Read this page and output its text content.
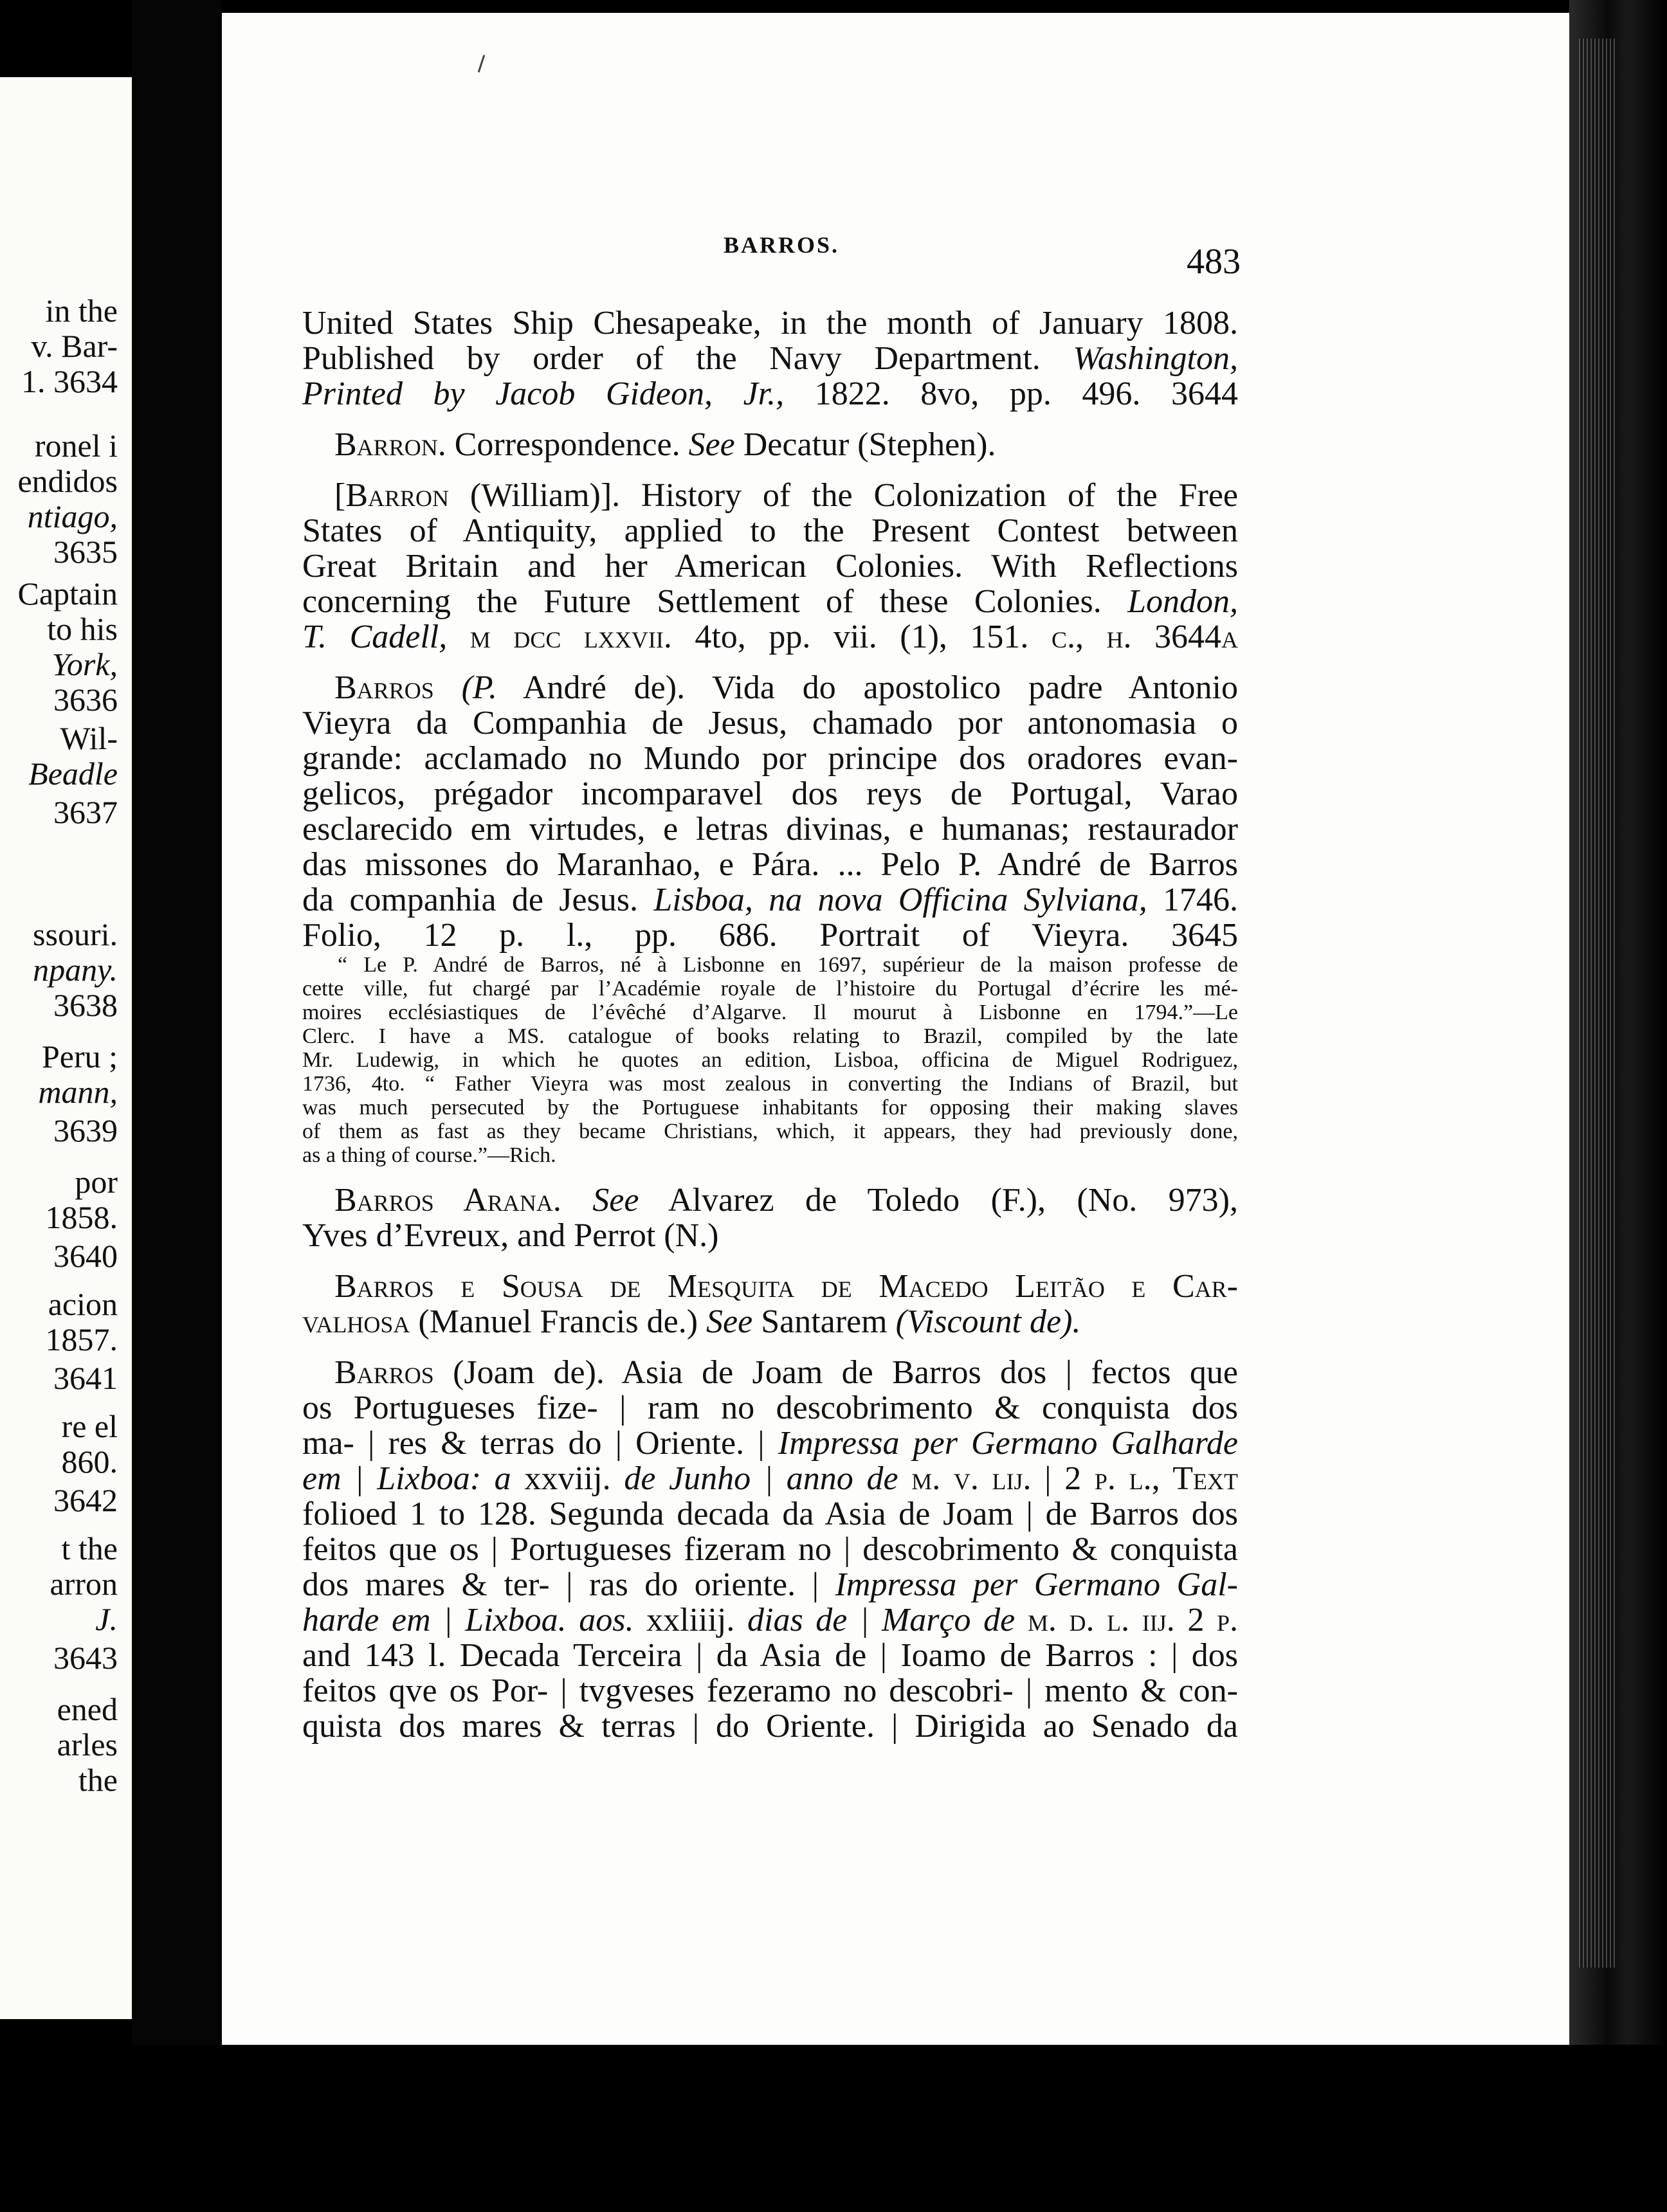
in the
v. Bar-
1. 3634
ronel i
endidos
ntiago,
3635
Captain
to his
York,
3636
Wil-
Beadle
3637
ssouri.
npany.
3638
Peru ;
mann,
3639
por
1858.
3640
acion
1857.
3641
re el
860.
3642
t the
arron
J.
3643
ened
arles
the
BARROS.	483
United States Ship Chesapeake, in the month of January 1808.
Published by order of the Navy Department. Washington,
Printed by Jacob Gideon, Jr., 1822. 8vo, pp. 496. 3644
Barron. Correspondence. See Decatur (Stephen).
[Barron (William)]. History of the Colonization of the Free
States of Antiquity, applied to the Present Contest between
Great Britain and her American Colonies. With Reflections
concerning the Future Settlement of these Colonies. London,
T. Cadell, m dcc lxxvii. 4to, pp. vii. (1), 151. c., h. 3644a
Barros (P. André de). Vida do apostolico padre Antonio
Vieyra da Companhia de Jesus, chamado por antonomasia o
grande: acclamado no Mundo por principe dos oradores evan-
gelicos, prégador incomparavel dos reys de Portugal, Varao
esclarecido em virtudes, e letras divinas, e humanas; restaurador
das missones do Maranhao, e Pára. ... Pelo P. André de Barros
da companhia de Jesus. Lisboa, na nova Officina Sylviana, 1746.
Folio, 12 p. l., pp. 686. Portrait of Vieyra. 3645
“ Le P. André de Barros, né à Lisbonne en 1697, supérieur de la maison professe de
cette ville, fut chargé par l’Académie royale de l’histoire du Portugal d’écrire les mé-
moires ecclésiastiques de l’évêché d’Algarve. Il mourut à Lisbonne en 1794.”—Le
Clerc. I have a MS. catalogue of books relating to Brazil, compiled by the late
Mr. Ludewig, in which he quotes an edition, Lisboa, officina de Miguel Rodriguez,
1736, 4to. “ Father Vieyra was most zealous in converting the Indians of Brazil, but
was much persecuted by the Portuguese inhabitants for opposing their making slaves
of them as fast as they became Christians, which, it appears, they had previously done,
as a thing of course.”—Rich.
Barros Arana. See Alvarez de Toledo (F.), (No. 973),
Yves d’Evreux, and Perrot (N.)
Barros e Sousa de Mesquita de Macedo Leitão e Car-
valhosa (Manuel Francis de.) See Santarem (Viscount de).
Barros (Joam de). Asia de Joam de Barros dos | fectos que
os Portugueses fize- | ram no descobrimento & conquista dos
ma- | res & terras do | Oriente. | Impressa per Germano Galharde
em | Lixboa: a xxviij. de Junho | anno de m. v. lij. | 2 p. l., Text
folioed 1 to 128. Segunda decada da Asia de Joam | de Barros dos
feitos que os | Portugueses fizeram no | descobrimento & conquista
dos mares & ter- | ras do oriente. | Impressa per Germano Gal-
harde em | Lixboa. aos. xxliiij. dias de | Março de m. d. l. iij. 2 p.
and 143 l. Decada Terceira | da Asia de | Ioamo de Barros : | dos
feitos qve os Por- | tvgveses fezeramo no descobri- | mento & con-
quista dos mares & terras | do Oriente. | Dirigida ao Senado da
